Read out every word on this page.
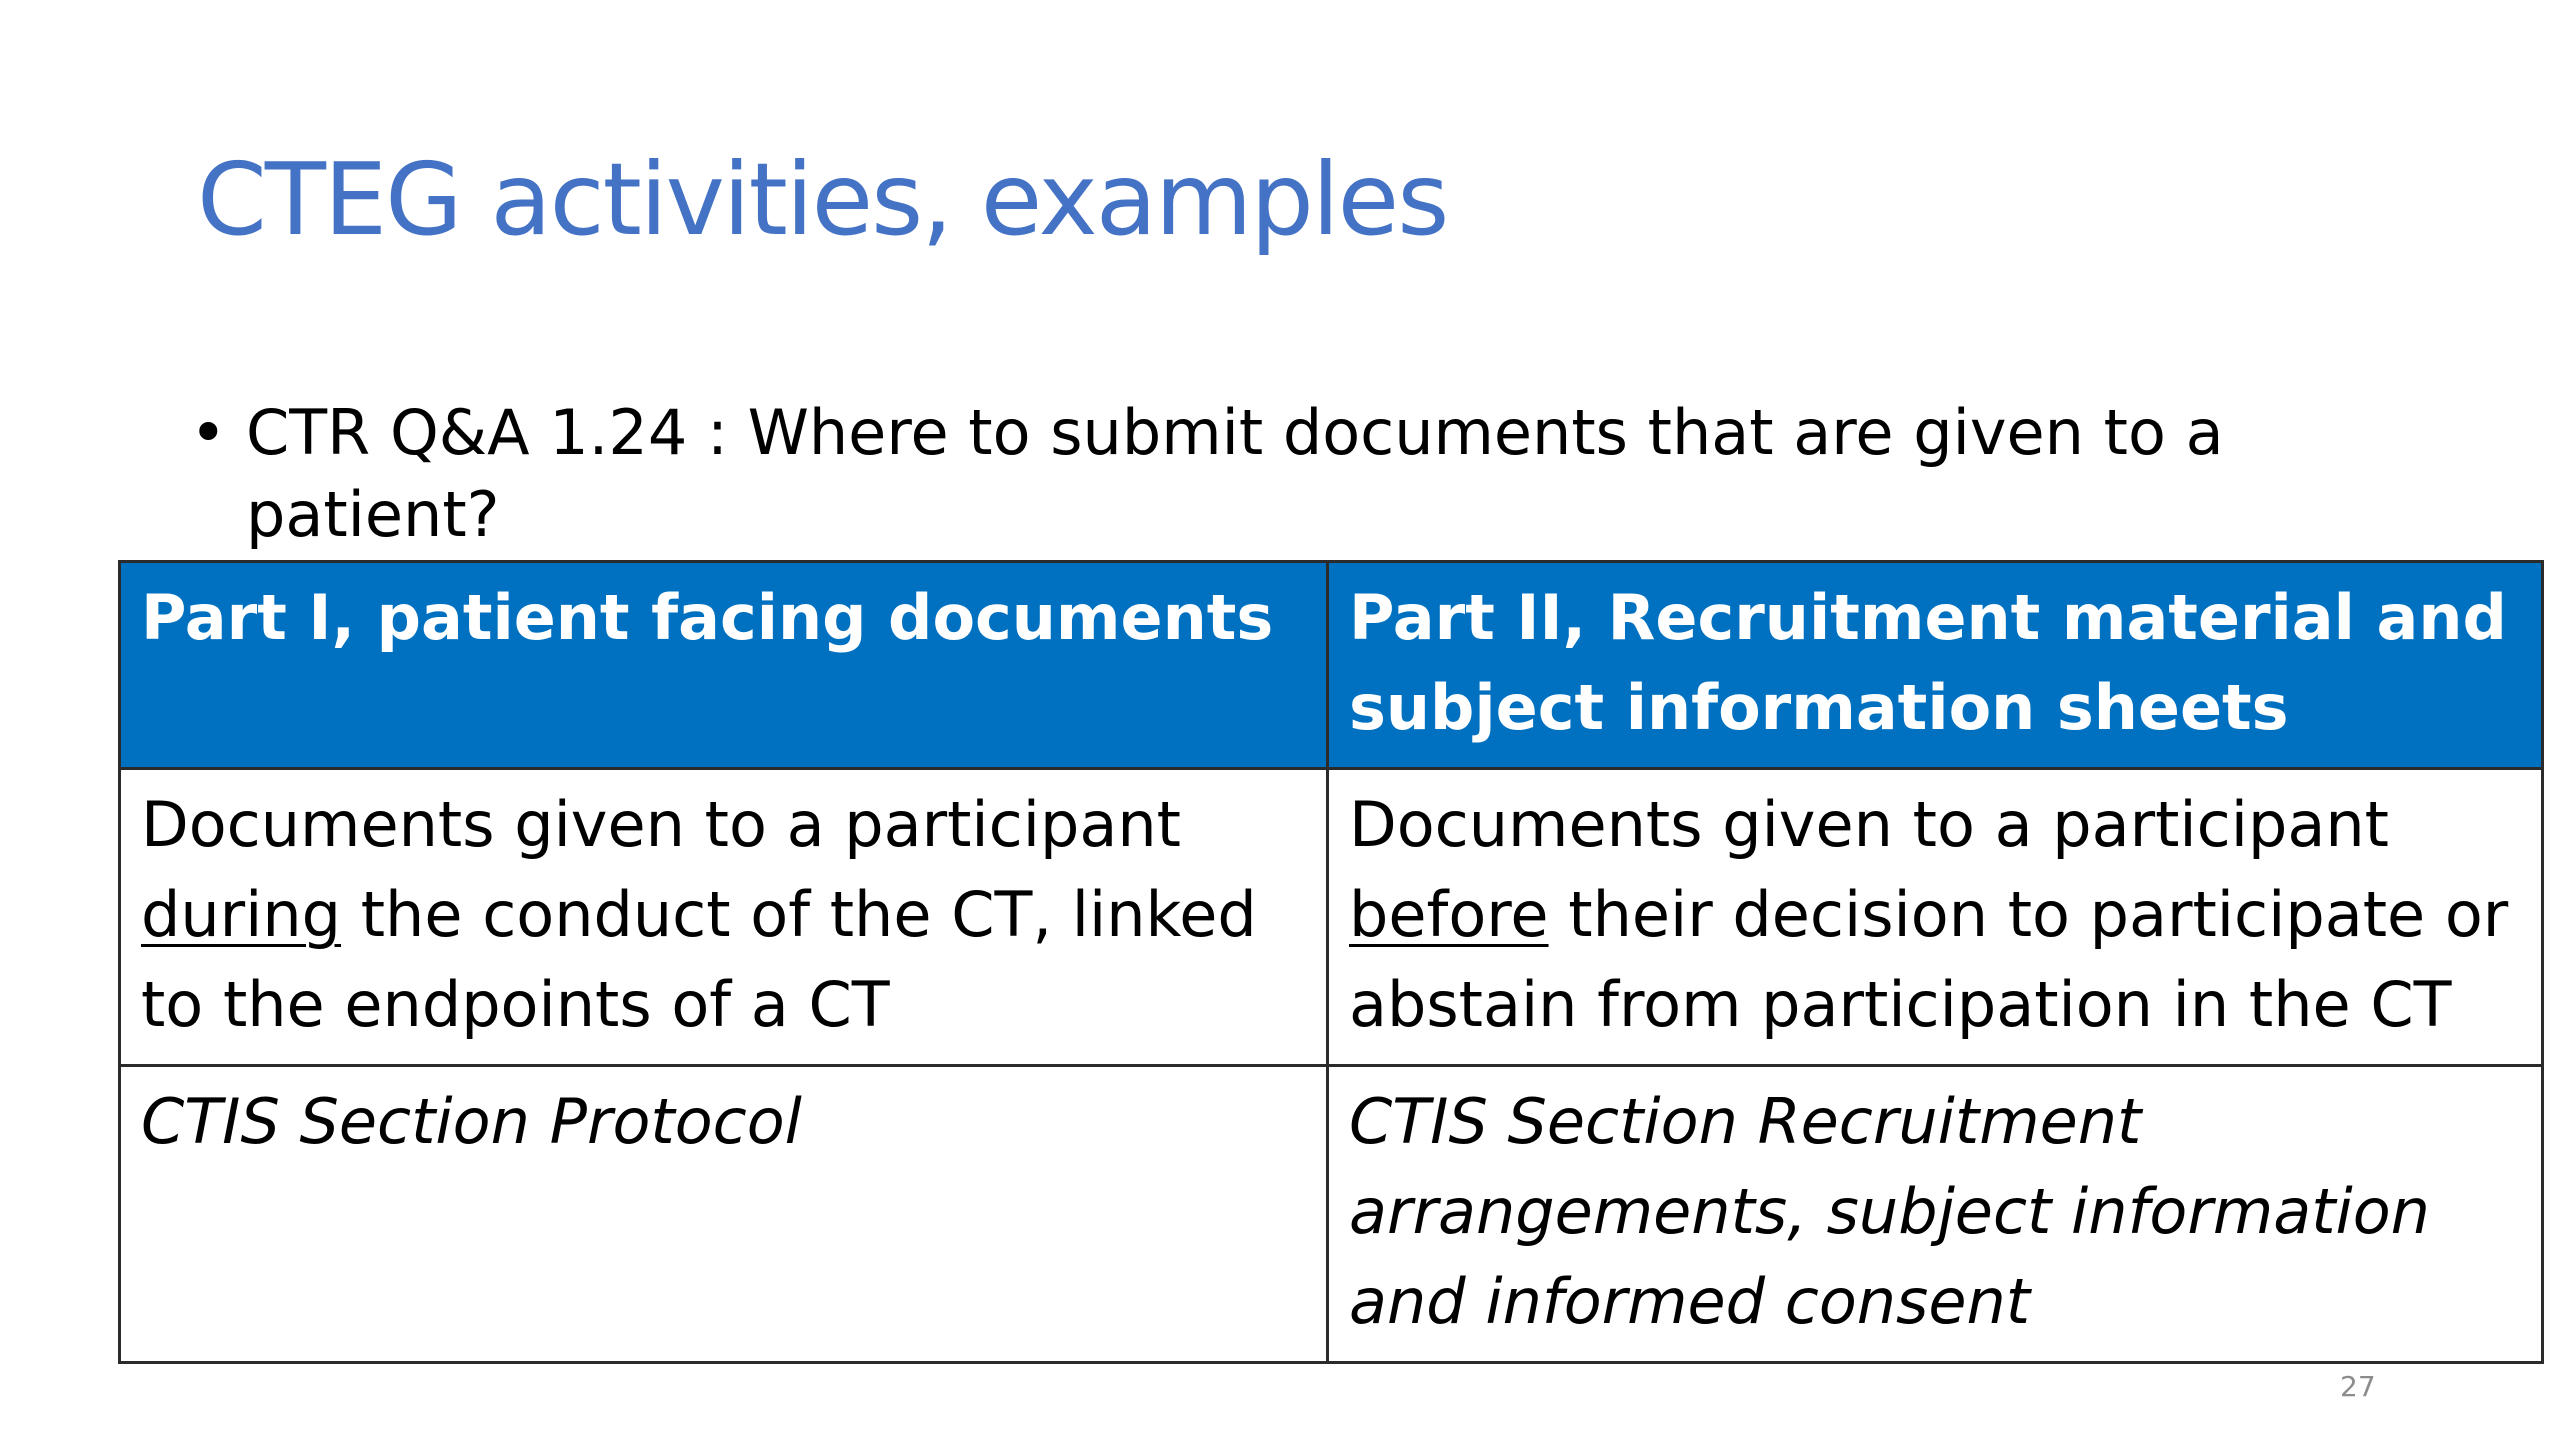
CTEG activities, examples
• CTR Q&A 1.24 : Where to submit documents that are given to a patient?
Part I, patient facing documents	Part II, Recruitment material and subject information sheets
Documents given to a participant during the conduct of the CT, linked to the endpoints of a CT	Documents given to a participant before their decision to participate or abstain from participation in the CT
CTIS Section Protocol	CTIS Section Recruitment arrangements, subject information and informed consent
27
